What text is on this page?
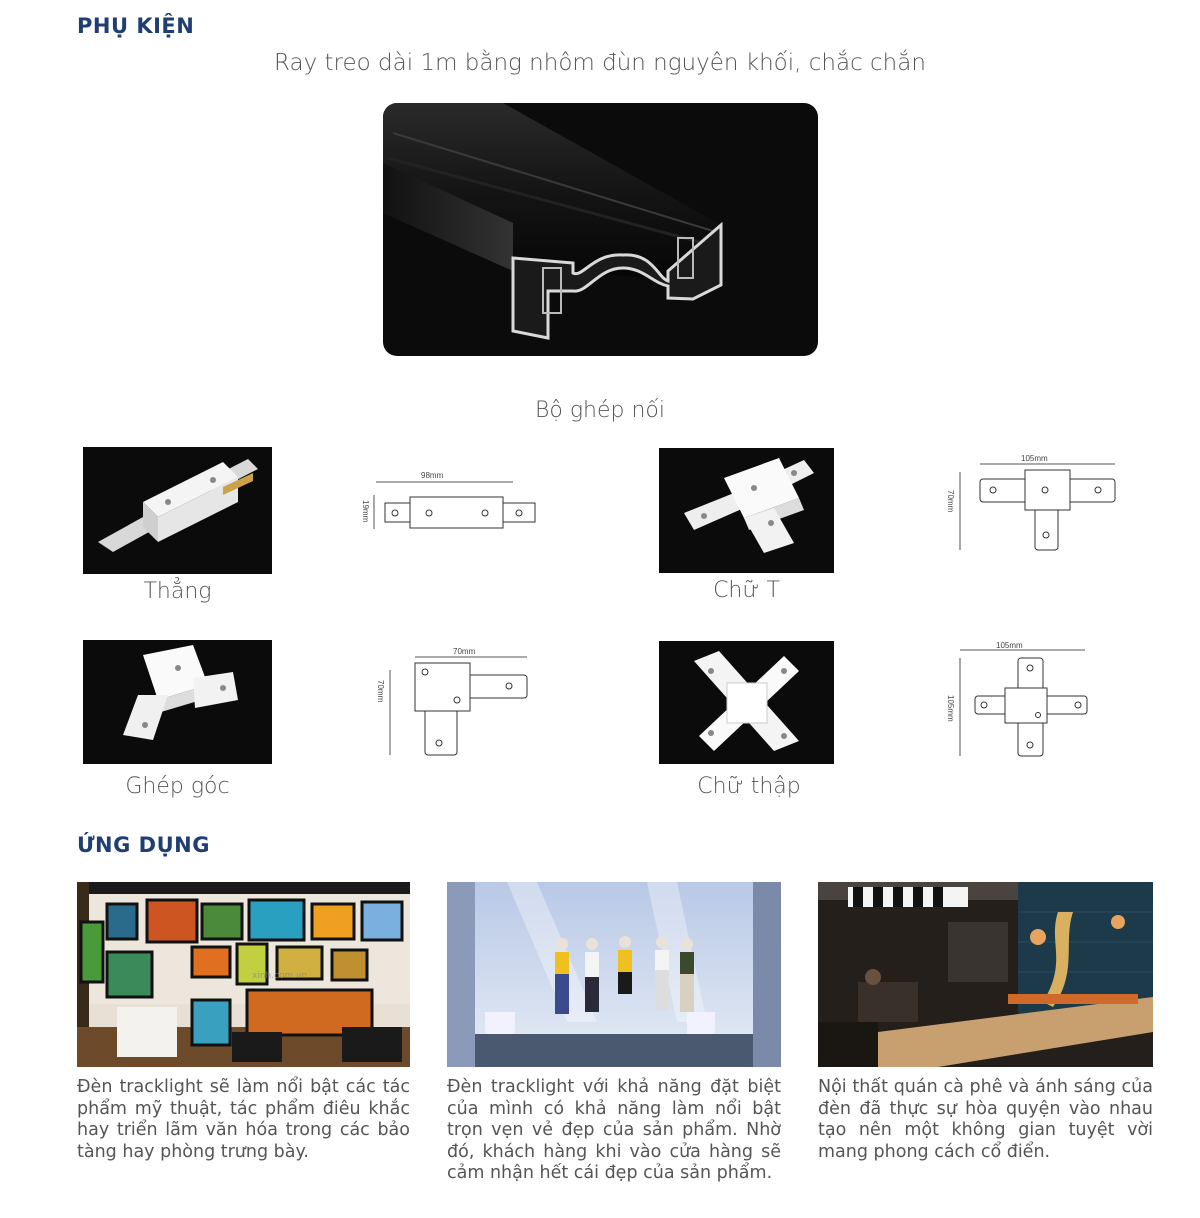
PHỤ KIỆN
Ray treo dài 1m bằng nhôm đùn nguyên khối, chắc chắn
Bộ ghép nối
98mm
19mm
Thẳng
105mm
70mm
Chữ T
70mm
70mm
Ghép góc
105mm
105mm
Chữ thập
ỨNG DỤNG
xinh.com.vn
Đèn tracklight sẽ làm nổi bật các tác phẩm mỹ thuật, tác phẩm điêu khắc hay triển lãm văn hóa trong các bảo tàng hay phòng trưng bày.
Đèn tracklight với khả năng đặt biệt của mình có khả năng làm nổi bật trọn vẹn vẻ đẹp của sản phẩm. Nhờ đó, khách hàng khi vào cửa hàng sẽ cảm nhận hết cái đẹp của sản phẩm.
Nội thất quán cà phê và ánh sáng của đèn đã thực sự hòa quyện vào nhau tạo nên một không gian tuyệt vời mang phong cách cổ điển.
